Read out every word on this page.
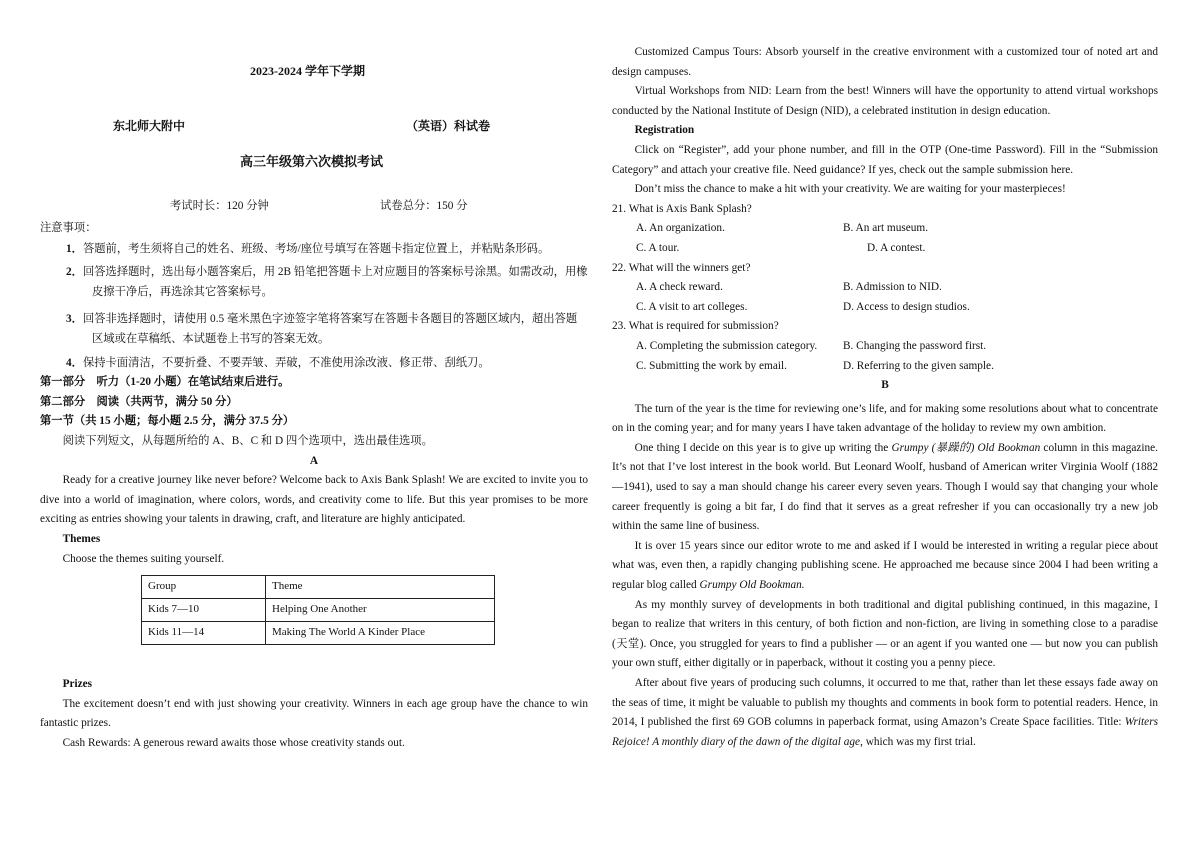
2023-2024 学年下学期
东北师大附中	（英语）科试卷
高三年级第六次模拟考试
考试时长：120 分钟	试卷总分：150 分
注意事项：

1．答题前，考生须将自己的姓名、班级、考场/座位号填写在答题卡指定位置上，并粘贴条形码。

2．回答选择题时，选出每小题答案后，用 2B 铅笔把答题卡上对应题目的答案标号涂黑。如需改动，用橡皮擦干净后，再选涂其它答案标号。

3．回答非选择题时，请使用 0.5 毫米黑色字迹签字笔将答案写在答题卡各题目的答题区域内，超出答题区域或在草稿纸、本试题卷上书写的答案无效。

4．保持卡面清洁，不要折叠、不要弄皱、弄破，不准使用涂改液、修正带、刮纸刀。

第一部分　听力（1-20 小题）在笔试结束后进行。

第二部分　阅读（共两节，满分 50 分）

第一节（共 15 小题；每小题 2.5 分，满分 37.5 分）

阅读下列短文，从每题所给的 A、B、C 和 D 四个选项中，选出最佳选项。

A

Ready for a creative journey like never before? Welcome back to Axis Bank Splash! We are excited to invite you to dive into a world of imagination, where colors, words, and creativity come to life. But this year promises to be more exciting as entries showing your talents in drawing, craft, and literature are highly anticipated.

Themes

Choose the themes suiting yourself.

Group	Theme
Kids 7—10	Helping One Another
Kids 11—14	Making The World A Kinder Place

Prizes

The excitement doesn’t end with just showing your creativity. Winners in each age group have the chance to win fantastic prizes.

Cash Rewards: A generous reward awaits those whose creativity stands out.

Customized Campus Tours: Absorb yourself in the creative environment with a customized tour of noted art and design campuses.

Virtual Workshops from NID: Learn from the best! Winners will have the opportunity to attend virtual workshops conducted by the National Institute of Design (NID), a celebrated institution in design education.

Registration

Click on “Register”, add your phone number, and fill in the OTP (One-time Password). Fill in the “Submission Category” and attach your creative file. Need guidance? If yes, check out the sample submission here.

Don’t miss the chance to make a hit with your creativity. We are waiting for your masterpieces!

21. What is Axis Bank Splash?

A. An organization.	B. An art museum.
C. A tour.	D. A contest.

22. What will the winners get?

A. A check reward.	B. Admission to NID.
C. A visit to art colleges.	D. Access to design studios.

23. What is required for submission?

A. Completing the submission category.	B. Changing the password first.
C. Submitting the work by email.	D. Referring to the given sample.

B

The turn of the year is the time for reviewing one’s life, and for making some resolutions about what to concentrate on in the coming year; and for many years I have taken advantage of the holiday to review my own ambition.

One thing I decide on this year is to give up writing the Grumpy (暴躁的) Old Bookman column in this magazine. It’s not that I’ve lost interest in the book world. But Leonard Woolf, husband of American writer Virginia Woolf (1882—1941), used to say a man should change his career every seven years. Though I would say that changing your whole career frequently is going a bit far, I do find that it serves as a great refresher if you can occasionally try a new job within the same line of business.

It is over 15 years since our editor wrote to me and asked if I would be interested in writing a regular piece about what was, even then, a rapidly changing publishing scene. He approached me because since 2004 I had been writing a regular blog called Grumpy Old Bookman.

As my monthly survey of developments in both traditional and digital publishing continued, in this magazine, I began to realize that writers in this century, of both fiction and non-fiction, are living in something close to a paradise (天堂). Once, you struggled for years to find a publisher — or an agent if you wanted one — but now you can publish your own stuff, either digitally or in paperback, without it costing you a penny piece.

After about five years of producing such columns, it occurred to me that, rather than let these essays fade away on the seas of time, it might be valuable to publish my thoughts and comments in book form to potential readers. Hence, in 2014, I published the first 69 GOB columns in paperback format, using Amazon’s Create Space facilities. Title: Writers Rejoice! A monthly diary of the dawn of the digital age, which was my first trial.
